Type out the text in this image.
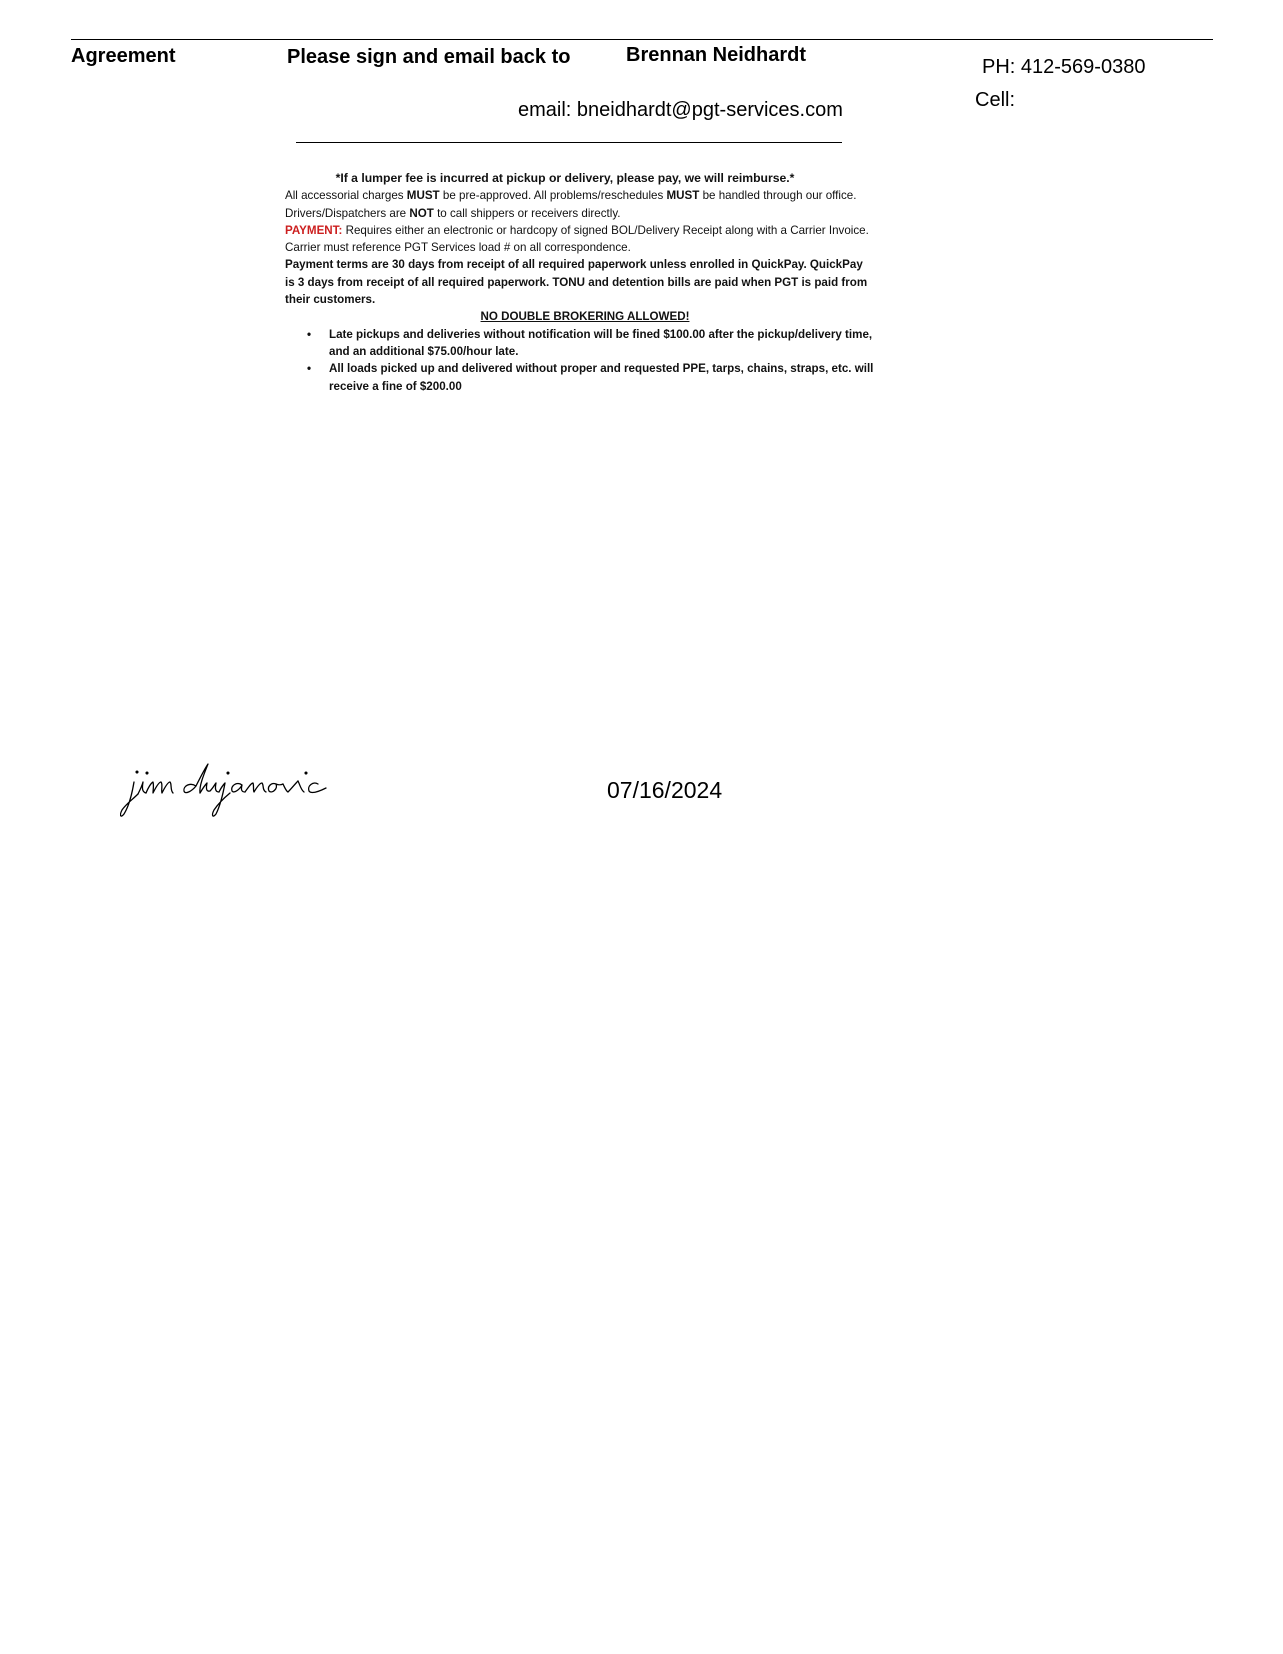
Agreement	Please sign and email back to	Brennan Neidhardt
PH: 412-569-0380
Cell:
email: bneidhardt@pgt-services.com

*If a lumper fee is incurred at pickup or delivery, please pay, we will reimburse.*

All accessorial charges MUST be pre-approved. All problems/reschedules MUST be handled through our office. Drivers/Dispatchers are NOT to call shippers or receivers directly.

PAYMENT: Requires either an electronic or hardcopy of signed BOL/Delivery Receipt along with a Carrier Invoice. Carrier must reference PGT Services load # on all correspondence.

Payment terms are 30 days from receipt of all required paperwork unless enrolled in QuickPay. QuickPay is 3 days from receipt of all required paperwork. TONU and detention bills are paid when PGT is paid from their customers.

NO DOUBLE BROKERING ALLOWED!

• Late pickups and deliveries without notification will be fined $100.00 after the pickup/delivery time, and an additional $75.00/hour late.
• All loads picked up and delivered without proper and requested PPE, tarps, chains, straps, etc. will receive a fine of $200.00
07/16/2024
